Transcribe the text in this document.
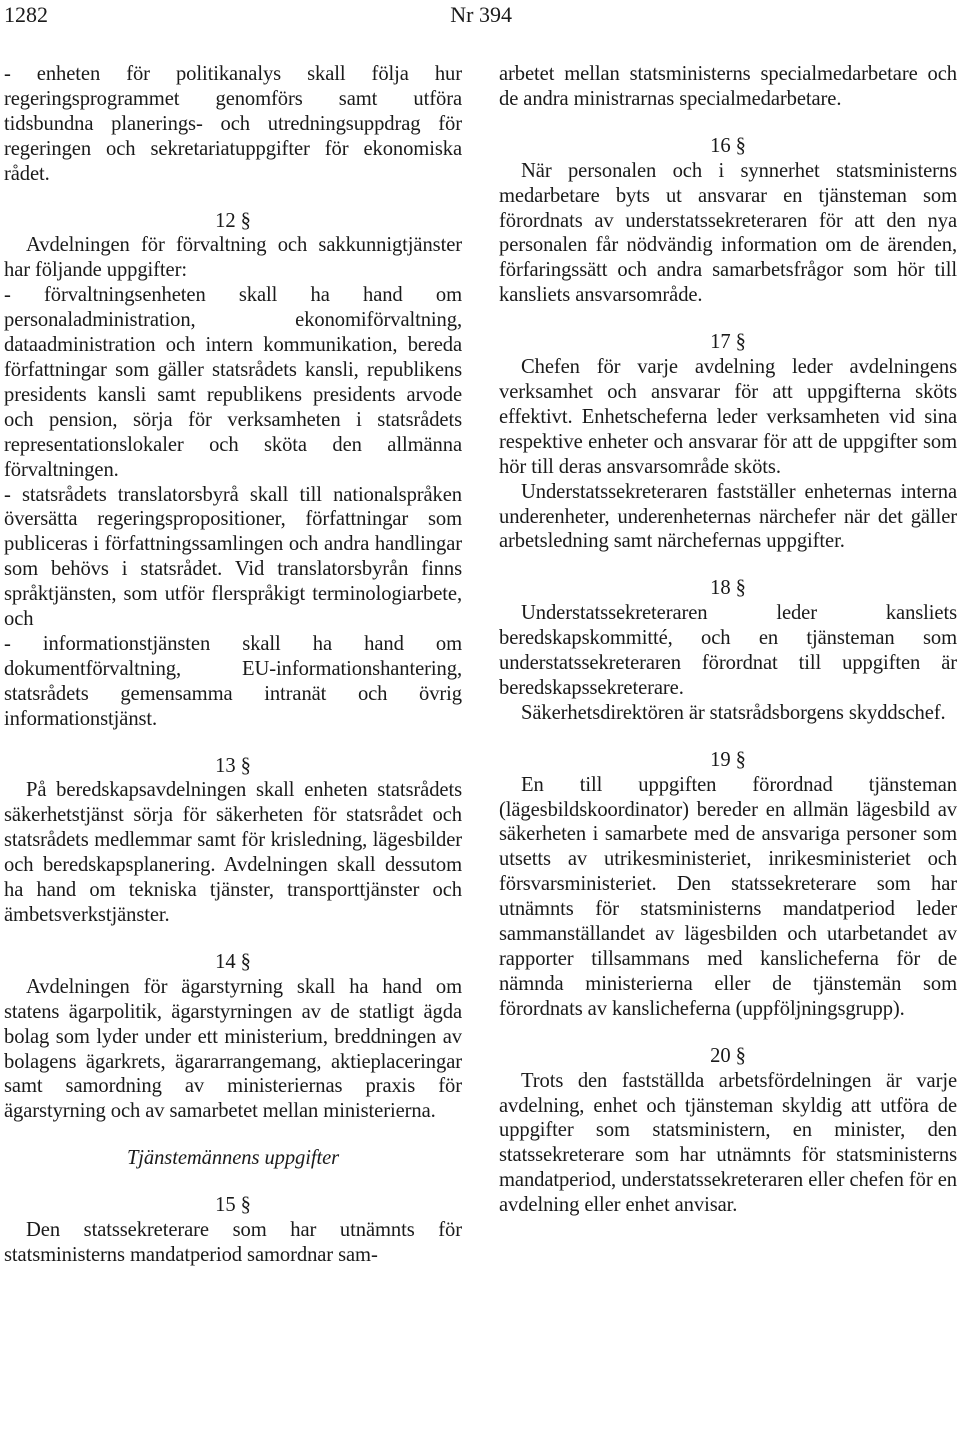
1282	Nr 394

- enheten för politikanalys skall följa hur regeringsprogrammet genomförs samt utföra tidsbundna planerings- och utredningsuppdrag för regeringen och sekretariatuppgifter för ekonomiska rådet.

12 §

Avdelningen för förvaltning och sakkunnigtjänster har följande uppgifter:

- förvaltningsenheten skall ha hand om personaladministration, ekonomiförvaltning, dataadministration och intern kommunikation, bereda författningar som gäller statsrådets kansli, republikens presidents kansli samt republikens presidents arvode och pension, sörja för verksamheten i statsrådets representationslokaler och sköta den allmänna förvaltningen.

- statsrådets translatorsbyrå skall till nationalspråken översätta regeringspropositioner, författningar som publiceras i författningssamlingen och andra handlingar som behövs i statsrådet. Vid translatorsbyrån finns språktjänsten, som utför flerspråkigt terminologiarbete, och

- informationstjänsten skall ha hand om dokumentförvaltning, EU-informationshantering, statsrådets gemensamma intranät och övrig informationstjänst.

13 §

På beredskapsavdelningen skall enheten statsrådets säkerhetstjänst sörja för säkerheten för statsrådet och statsrådets medlemmar samt för krisledning, lägesbilder och beredskapsplanering. Avdelningen skall dessutom ha hand om tekniska tjänster, transporttjänster och ämbetsverkstjänster.

14 §

Avdelningen för ägarstyrning skall ha hand om statens ägarpolitik, ägarstyrningen av de statligt ägda bolag som lyder under ett ministerium, breddningen av bolagens ägarkrets, ägararrangemang, aktieplaceringar samt samordning av ministeriernas praxis för ägarstyrning och av samarbetet mellan ministerierna.

Tjänstemännens uppgifter

15 §

Den statssekreterare som har utnämnts för statsministerns mandatperiod samordnar sam-

arbetet mellan statsministerns specialmedarbetare och de andra ministrarnas specialmedarbetare.

16 §

När personalen och i synnerhet statsministerns medarbetare byts ut ansvarar en tjänsteman som förordnats av understatssekreteraren för att den nya personalen får nödvändig information om de ärenden, förfaringssätt och andra samarbetsfrågor som hör till kansliets ansvarsområde.

17 §

Chefen för varje avdelning leder avdelningens verksamhet och ansvarar för att uppgifterna sköts effektivt. Enhetscheferna leder verksamheten vid sina respektive enheter och ansvarar för att de uppgifter som hör till deras ansvarsområde sköts.

Understatssekreteraren fastställer enheternas interna underenheter, underenheternas närchefer när det gäller arbetsledning samt närchefernas uppgifter.

18 §

Understatssekreteraren leder kansliets beredskapskommitté, och en tjänsteman som understatssekreteraren förordnat till uppgiften är beredskapssekreterare.

Säkerhetsdirektören är statsrådsborgens skyddschef.

19 §

En till uppgiften förordnad tjänsteman (lägesbildskoordinator) bereder en allmän lägesbild av säkerheten i samarbete med de ansvariga personer som utsetts av utrikesministeriet, inrikesministeriet och försvarsministeriet. Den statssekreterare som har utnämnts för statsministerns mandatperiod leder sammanställandet av lägesbilden och utarbetandet av rapporter tillsammans med kanslicheferna för de nämnda ministerierna eller de tjänstemän som förordnats av kanslicheferna (uppföljningsgrupp).

20 §

Trots den fastställda arbetsfördelningen är varje avdelning, enhet och tjänsteman skyldig att utföra de uppgifter som statsministern, en minister, den statssekreterare som har utnämnts för statsministerns mandatperiod, understatssekreteraren eller chefen för en avdelning eller enhet anvisar.
